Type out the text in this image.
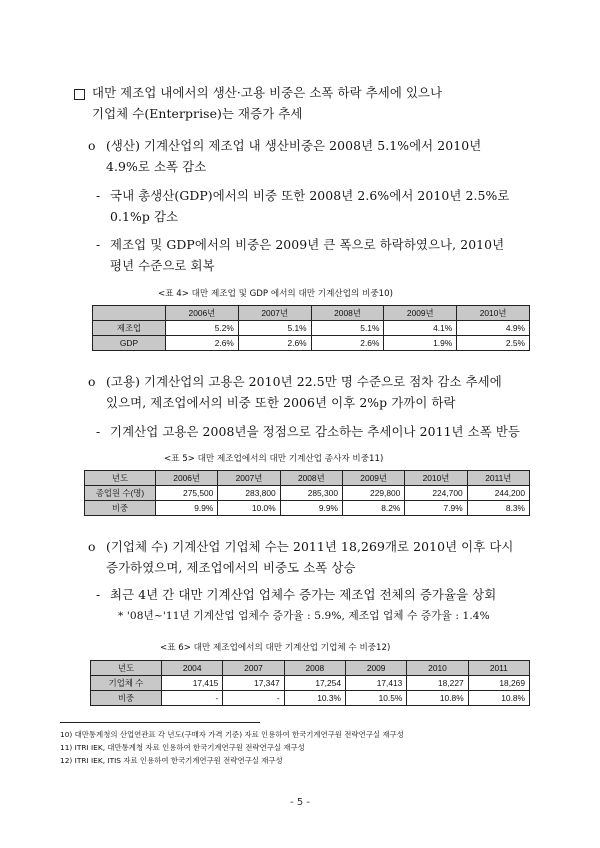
대만 제조업 내에서의 생산·고용 비중은 소폭 하락 추세에 있으나
기업체 수(Enterprise)는 재증가 추세
ο (생산) 기계산업의 제조업 내 생산비중은 2008년 5.1%에서 2010년
4.9%로 소폭 감소
- 국내 총생산(GDP)에서의 비중 또한 2008년 2.6%에서 2010년 2.5%로
0.1%p 감소
- 제조업 및 GDP에서의 비중은 2009년 큰 폭으로 하락하였으나, 2010년
평년 수준으로 회복
<표 4> 대만 제조업 및 GDP 에서의 대만 기계산업의 비중10)
	2006년	2007년	2008년	2009년	2010년
제조업	5.2%	5.1%	5.1%	4.1%	4.9%
GDP	2.6%	2.6%	2.6%	1.9%	2.5%
ο (고용) 기계산업의 고용은 2010년 22.5만 명 수준으로 점차 감소 추세에
있으며, 제조업에서의 비중 또한 2006년 이후 2%p 가까이 하락
- 기계산업 고용은 2008년을 정점으로 감소하는 추세이나 2011년 소폭 반등
<표 5> 대만 제조업에서의 대만 기계산업 종사자 비중11)
년도	2006년	2007년	2008년	2009년	2010년	2011년
종업원 수(명)	275,500	283,800	285,300	229,800	224,700	244,200
비중	9.9%	10.0%	9.9%	8.2%	7.9%	8.3%
ο (기업체 수) 기계산업 기업체 수는 2011년 18,269개로 2010년 이후 다시
증가하였으며, 제조업에서의 비중도 소폭 상승
- 최근 4년 간 대만 기계산업 업체수 증가는 제조업 전체의 증가율을 상회
* '08년~'11년 기계산업 업체수 증가율 : 5.9%, 제조업 업체 수 증가율 : 1.4%
<표 6> 대만 제조업에서의 대만 기계산업 기업체 수 비중12)
년도	2004	2007	2008	2009	2010	2011
기업체 수	17,415	17,347	17,254	17,413	18,227	18,269
비중	-	-	10.3%	10.5%	10.8%	10.8%
10) 대만통계청의 산업연관표 각 년도(구매자 가격 기준) 자료 인용하여 한국기계연구원 전략연구실 재구성
11) ITRI IEK, 대만통계청 자료 인용하여 한국기계연구원 전략연구실 재구성
12) ITRI IEK, ITIS 자료 인용하여 한국기계연구원 전략연구실 재구성
- 5 -
